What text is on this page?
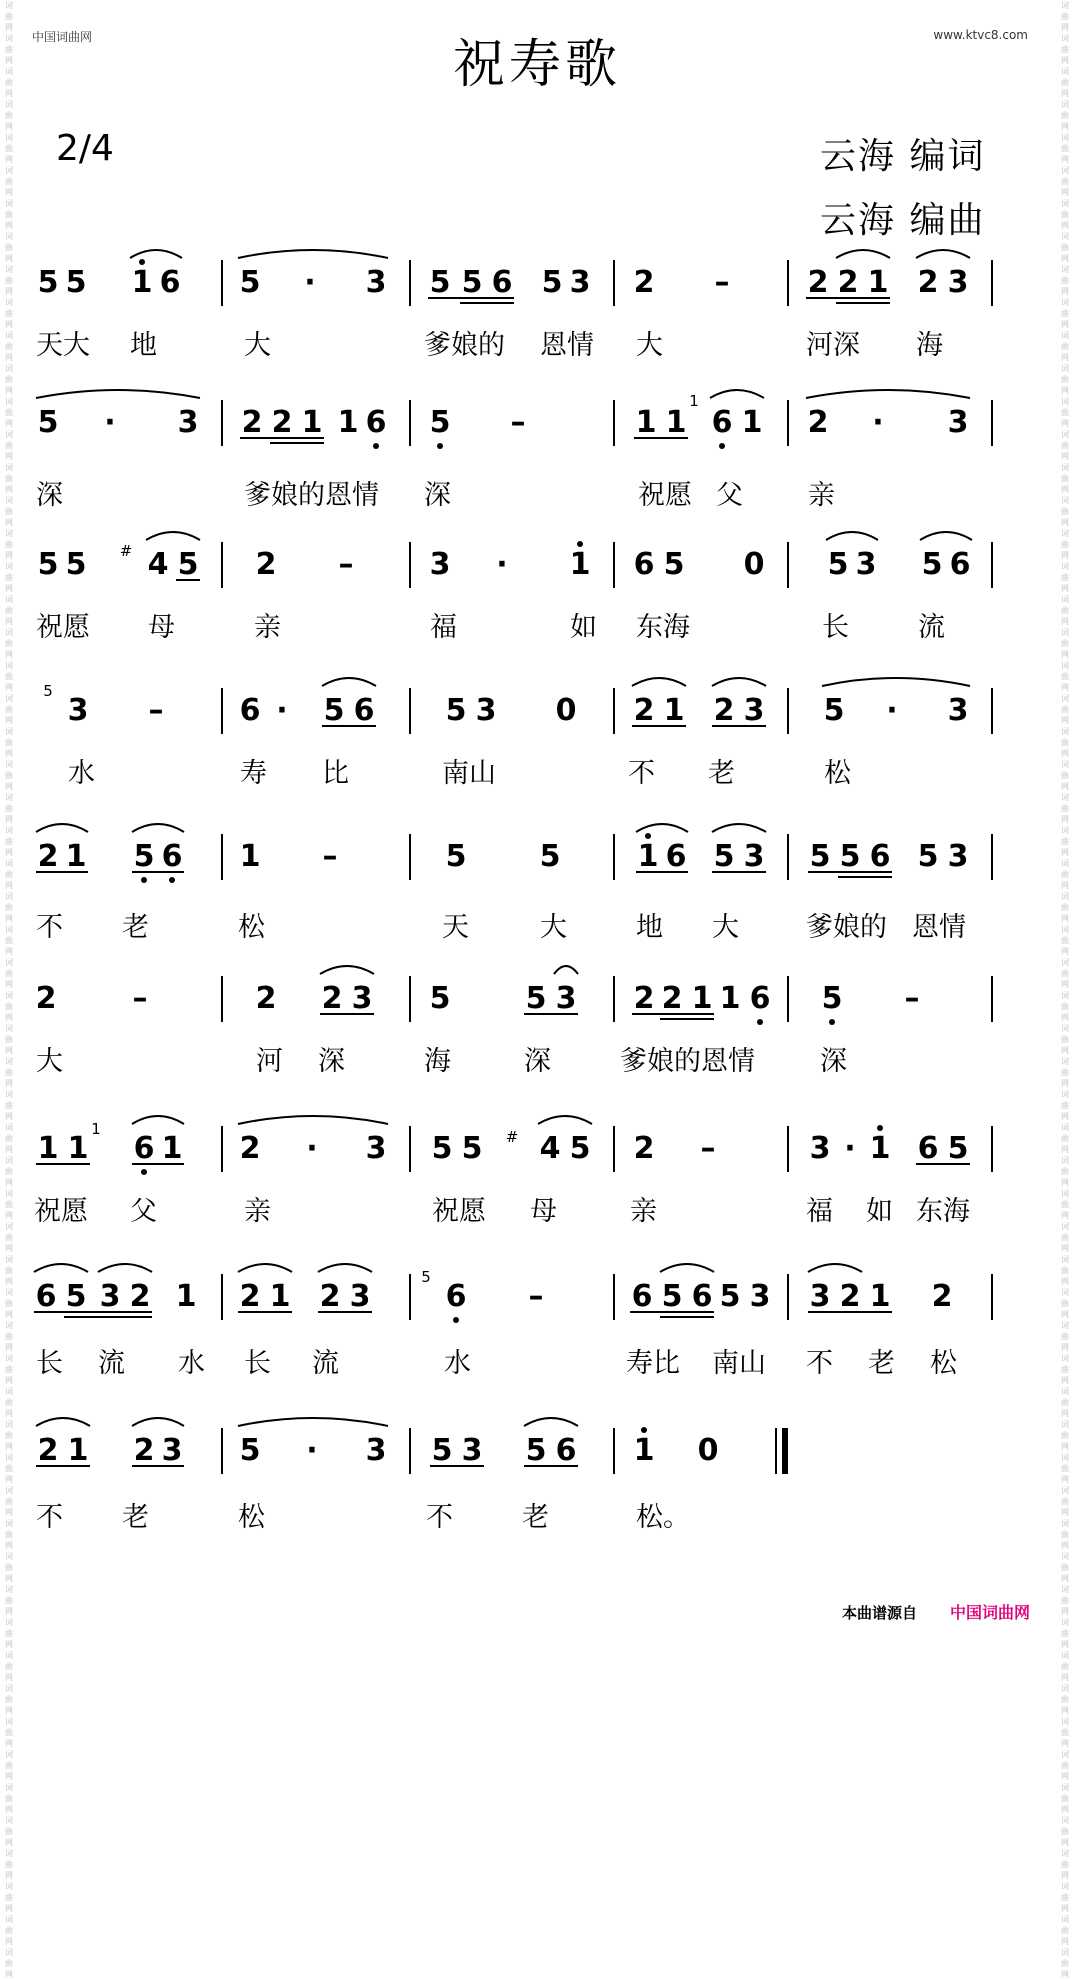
词曲网词曲网词曲网词曲网词曲网词曲网词曲网词曲网词曲网词曲网词曲网词曲网词曲网词曲网词曲网词曲网词曲网词曲网词曲网词曲网词曲网词曲网词曲网词曲网词曲网词曲网词曲网词曲网词曲网词曲网词曲网词曲网词曲网词曲网词曲网词曲网词曲网词曲网词曲网词曲网词曲网词曲网词曲网词曲网词曲网词曲网词曲网词曲网词曲网词曲网词曲网词曲网词曲网词曲网词曲网词曲网词曲网词曲网词曲网词曲网
词曲网词曲网词曲网词曲网词曲网词曲网词曲网词曲网词曲网词曲网词曲网词曲网词曲网词曲网词曲网词曲网词曲网词曲网词曲网词曲网词曲网词曲网词曲网词曲网词曲网词曲网词曲网词曲网词曲网词曲网词曲网词曲网词曲网词曲网词曲网词曲网词曲网词曲网词曲网词曲网词曲网词曲网词曲网词曲网词曲网词曲网词曲网词曲网词曲网词曲网词曲网词曲网词曲网词曲网词曲网词曲网词曲网词曲网词曲网词曲网
中国词曲网	www.ktvc8.com
祝寿歌
2/4	云海 编词
云海 编曲
5 5 1 6 5 · 3 5 5 6 5 3 2 –	2 2 1 2 3
天大 地	大	爹娘的 恩情 大	河深 海
5 · 3 2 2 1 1 6 5 –	1 1 6 1 2 · 3
1
深	爹娘的恩情 深	祝愿 父 亲
5 5 4 5 2 –	3 · 1 6 5 0 5 3 5 6
#
祝愿 母	亲	福	如 东海	长	流
3 –	6 · 5 6 5 3 0 2 1 2 3 5 · 3
5
水	寿 比	南山	不 老	松
2 1 5 6 1 –	5 5	1 6 5 3 5 5 6 5 3
不 老	松	天	大	地 大 爹娘的 恩情
2	–	2 2 3 5	5 3 2 2 1 1 6 5 –
大	河 深	海	深	爹娘的恩情 深
1 1 6 1 2 · 3 5 5 4 5 2 –	3 · 1 6 5
1	#
祝愿 父	亲	祝愿 母	亲	福 如 东海
6 5 3 2 1 2 1 2 3	6 –	6 5 6 5 3 3 2 1 2
5
长 流 水 长 流	水	寿比 南山 不 老 松
2 1 2 3 5 · 3 5 3 5 6 1 0
不 老	松	不	老	松。
本曲谱源自 中国词曲网
